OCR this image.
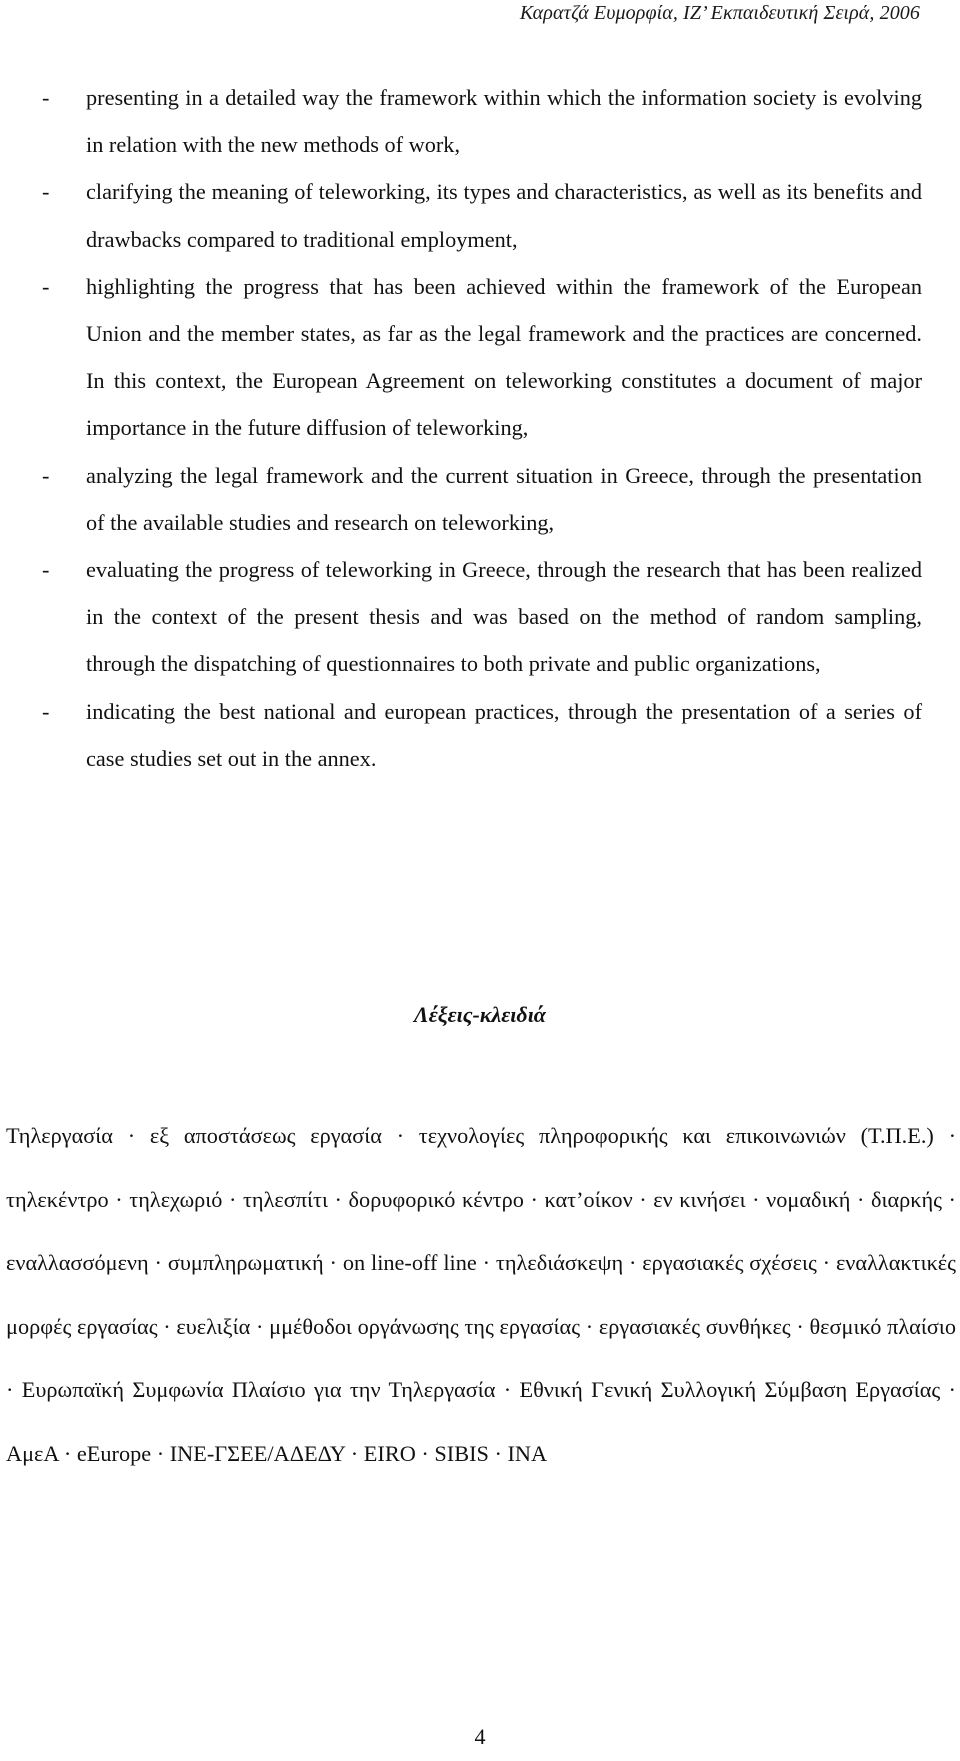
Καρατζά Ευμορφία, ΙΖ’ Εκπαιδευτική Σειρά, 2006
- presenting in a detailed way the framework within which the information society is evolving in relation with the new methods of work,
- clarifying the meaning of teleworking, its types and characteristics, as well as its benefits and drawbacks compared to traditional employment,
- highlighting the progress that has been achieved within the framework of the European Union and the member states, as far as the legal framework and the practices are concerned. In this context, the European Agreement on teleworking constitutes a document of major importance in the future diffusion of teleworking,
- analyzing the legal framework and the current situation in Greece, through the presentation of the available studies and research on teleworking,
- evaluating the progress of teleworking in Greece, through the research that has been realized in the context of the present thesis and was based on the method of random sampling, through the dispatching of questionnaires to both private and public organizations,
- indicating the best national and european practices, through the presentation of a series of case studies set out in the annex.
Λέξεις-κλειδιά

Τηλεργασία · εξ αποστάσεως εργασία · τεχνολογίες πληροφορικής και επικοινωνιών (Τ.Π.Ε.) · τηλεκέντρο · τηλεχωριό · τηλεσπίτι · δορυφορικό κέντρο · κατ’οίκον · εν κινήσει · νομαδική · διαρκής · εναλλασσόμενη · συμπληρωματική · on line-off line · τηλεδιάσκεψη · εργασιακές σχέσεις · εναλλακτικές μορφές εργασίας · ευελιξία · μμέθοδοι οργάνωσης της εργασίας · εργασιακές συνθήκες · θεσμικό πλαίσιο · Ευρωπαϊκή Συμφωνία Πλαίσιο για την Τηλεργασία · Εθνική Γενική Συλλογική Σύμβαση Εργασίας · ΑμεΑ · eEurope · ΙΝΕ-ΓΣΕΕ/ΑΔΕΔΥ · EIRO · SIBIS · INA

4
